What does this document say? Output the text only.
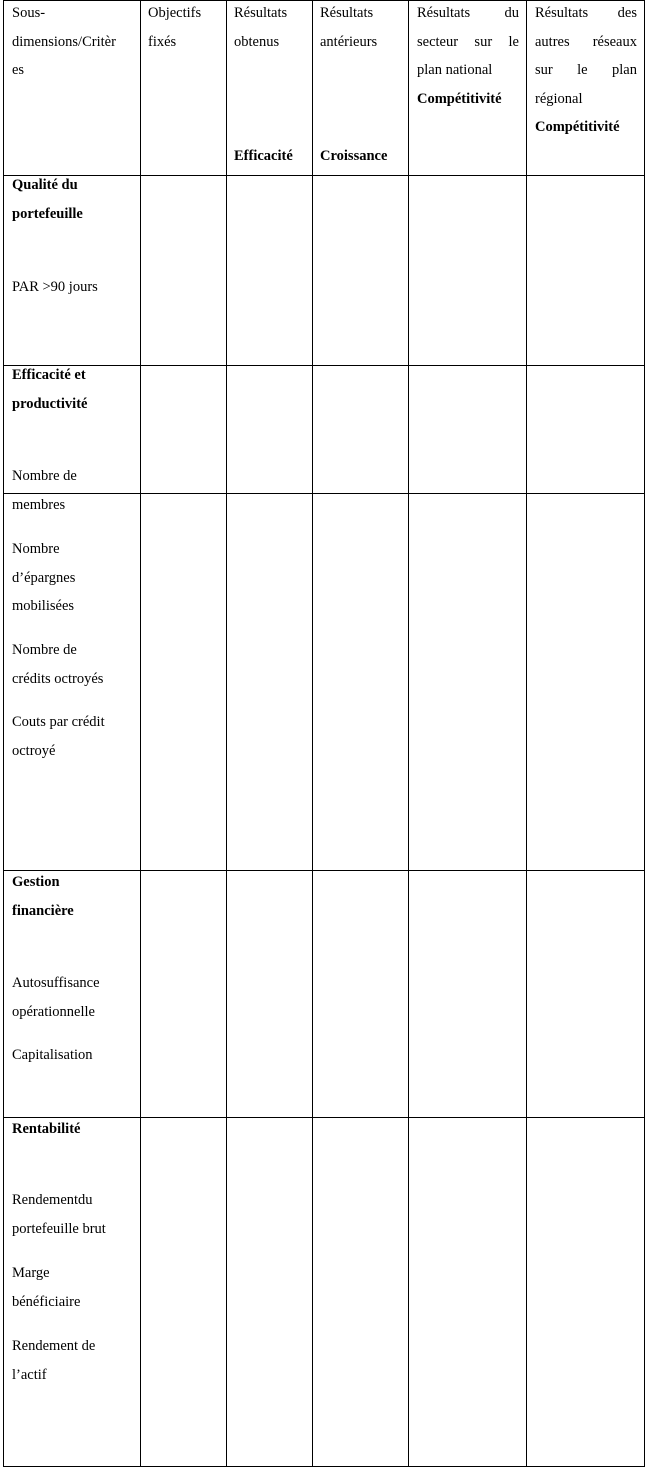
Sous-

dimensions/Critèr

es

Objectifs

fixés

Résultats

obtenus

Efficacité

Résultats

antérieurs

Croissance

Résultats du

secteur sur le

plan national

Compétitivité

Résultats des

autres réseaux

sur le plan

régional

Compétitivité

Qualité du

portefeuille

PAR >90 jours

Efficacité et

productivité

Nombre de

membres

Nombre

d’épargnes

mobilisées

Nombre de

crédits octroyés

Couts par crédit

octroyé

Gestion

financière

Autosuffisance

opérationnelle

Capitalisation
Rentabilité

Rendementdu

portefeuille brut

Marge

bénéficiaire

Rendement de

l’actif
